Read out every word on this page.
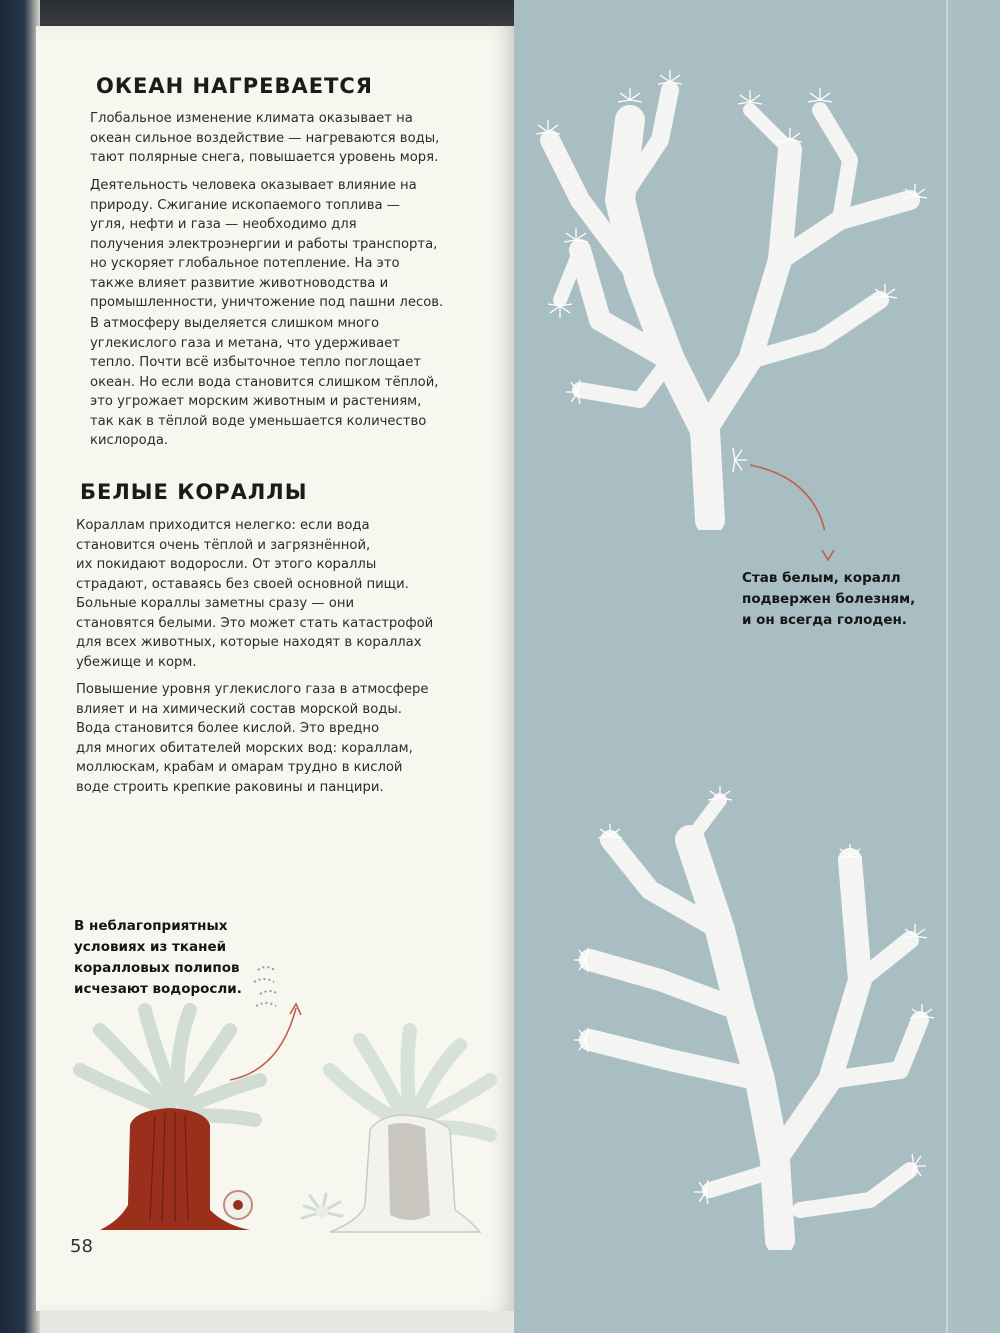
ОКЕАН НАГРЕВАЕТСЯ

Глобальное изменение климата оказывает на
океан сильное воздействие — нагреваются воды,
тают полярные снега, повышается уровень моря.

Деятельность человека оказывает влияние на
природу. Сжигание ископаемого топлива —
угля, нефти и газа — необходимо для
получения электроэнергии и работы транспорта,
но ускоряет глобальное потепление. На это
также влияет развитие животноводства и
промышленности, уничтожение под пашни лесов.

В атмосферу выделяется слишком много
углекислого газа и метана, что удерживает
тепло. Почти всё избыточное тепло поглощает
океан. Но если вода становится слишком тёплой,
это угрожает морским животным и растениям,
так как в тёплой воде уменьшается количество
кислорода.

БЕЛЫЕ КОРАЛЛЫ

Кораллам приходится нелегко: если вода
становится очень тёплой и загрязнённой,
их покидают водоросли. От этого кораллы
страдают, оставаясь без своей основной пищи.
Больные кораллы заметны сразу — они
становятся белыми. Это может стать катастрофой
для всех животных, которые находят в кораллах
убежище и корм.

Повышение уровня углекислого газа в атмосфере
влияет и на химический состав морской воды.
Вода становится более кислой. Это вредно
для многих обитателей морских вод: кораллам,
моллюскам, крабам и омарам трудно в кислой
воде строить крепкие раковины и панцири.

В неблагоприятных
условиях из тканей
коралловых полипов
исчезают водоросли.

58

Став белым, коралл
подвержен болезням,
и он всегда голоден.
